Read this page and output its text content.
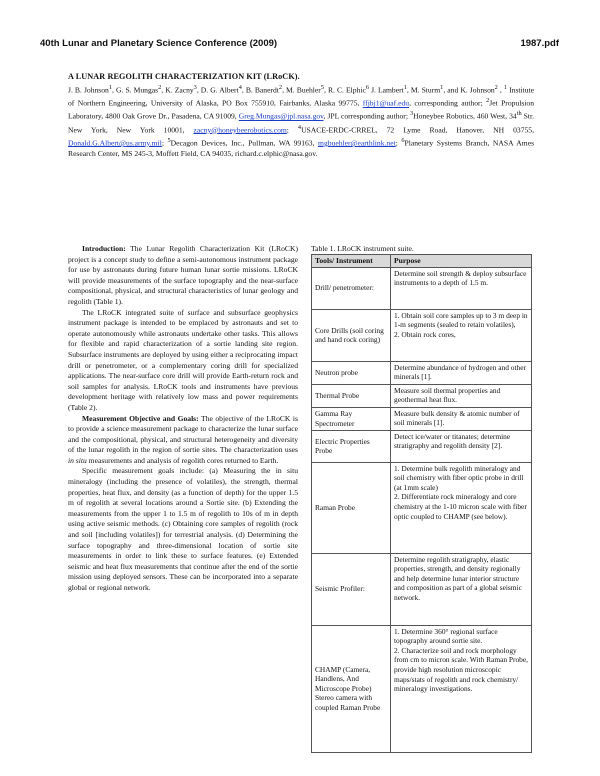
40th Lunar and Planetary Science Conference (2009)	1987.pdf
A LUNAR REGOLITH CHARACTERIZATION KIT (LRoCK).
J. B. Johnson$^1$, G. S. Mungas$^2$, K. Zacny$^3$, D. G. Albert$^4$, B. Banerdt$^2$, M. Buehler$^5$, R. C. Elphic$^6$ J. Lambert$^1$, M. Sturm$^1$, and K. Johnson$^2$ , $^1$ Institute of Northern Engineering, University of Alaska, PO Box 755910, Fairbanks, Alaska 99775, ffjbj1@uaf.edu, corresponding author; $^2$Jet Propulsion Laboratory, 4800 Oak Grove Dr., Pasadena, CA 91009, Greg.Mungas@jpl.nasa.gov, JPL corresponding author; $^3$Honeybee Robotics, 460 West, 34th Str. New York, New York 10001, zacny@honeybeerobotics.com; $^4$USACE-ERDC-CRREL, 72 Lyme Road, Hanover, NH 03755, Donald.G.Albert@us.army.mil; $^5$Decagon Devices, Inc., Pullman, WA 99163, mgbuehler@earthlink.net; $^6$Planetary Systems Branch, NASA Ames Research Center, MS 245-3, Moffett Field, CA 94035, richard.c.elphic@nasa.gov.

Introduction: The Lunar Regolith Characterization Kit (LRoCK) project is a concept study to define a semi-autonomous instrument package for use by astronauts during future human lunar sortie missions. LRoCK will provide measurements of the surface topography and the near-surface compositional, physical, and structural characteristics of lunar geology and regolith (Table 1).

The LRoCK integrated suite of surface and subsurface geophysics instrument package is intended to be emplaced by astronauts and set to operate autonomously while astronauts undertake other tasks. This allows for flexible and rapid characterization of a sortie landing site region. Subsurface instruments are deployed by using either a reciprocating impact drill or penetrometer, or a complementary coring drill for specialized applications. The near-surface core drill will provide Earth-return rock and soil samples for analysis. LRoCK tools and instruments have previous development heritage with relatively low mass and power requirements (Table 2).

Measurement Objective and Goals: The objective of the LRoCK is to provide a science measurement package to characterize the lunar surface and the compositional, physical, and structural heterogeneity and diversity of the lunar regolith in the region of sortie sites. The characterization uses in situ measurements and analysis of regolith cores returned to Earth.

Specific measurement goals include: (a) Measuring the in situ mineralogy (including the presence of volatiles), the strength, thermal properties, heat flux, and density (as a function of depth) for the upper 1.5 m of regolith at several locations around a Sortie site. (b) Extending the measurements from the upper 1 to 1.5 m of regolith to 10s of m in depth using active seismic methods. (c) Obtaining core samples of regolith (rock and soil [including volatiles]) for terrestrial analysis. (d) Determining the surface topography and three-dimensional location of sortie site measurements in order to link these to surface features. (e) Extended seismic and heat flux measurements that continue after the end of the sortie mission using deployed sensors. These can be incorporated into a separate global or regional network.

Table 1. LRoCK instrument suite.
Tools/ Instrument	Purpose
Drill/ penetrometer:	Determine soil strength & deploy subsurface instruments to a depth of 1.5 m.
Core Drills (soil coring and hand rock coring)	1. Obtain soil core samples up to 3 m deep in 1-m segments (sealed to retain volatiles),
2. Obtain rock cores,
Neutron probe	Determine abundance of hydrogen and other minerals [1].
Thermal Probe	Measure soil thermal properties and geothermal heat flux.
Gamma Ray Spectrometer	Measure bulk density & atomic number of soil minerals [1].
Electric Properties Probe	Detect ice/water or titanates; determine stratigraphy and regolith density [2].
Raman Probe	1. Determine bulk regolith mineralogy and soil chemistry with fiber optic probe in drill (at 1mm scale)
2. Differentiate rock mineralogy and core chemistry at the 1-10 micron scale with fiber optic coupled to CHAMP (see below).
Seismic Profiler:	Determine regolith stratigraphy, elastic properties, strength, and density regionally and help determine lunar interior structure and composition as part of a global seismic network.
CHAMP (Camera, Handlens, And Microscope Probe) Stereo camera with coupled Raman Probe	1. Determine 360° regional surface topography around sortie site.
2. Characterize soil and rock morphology from cm to micron scale. With Raman Probe, provide high resolution microscopic maps/stats of regolith and rock chemistry/ mineralogy investigations.
